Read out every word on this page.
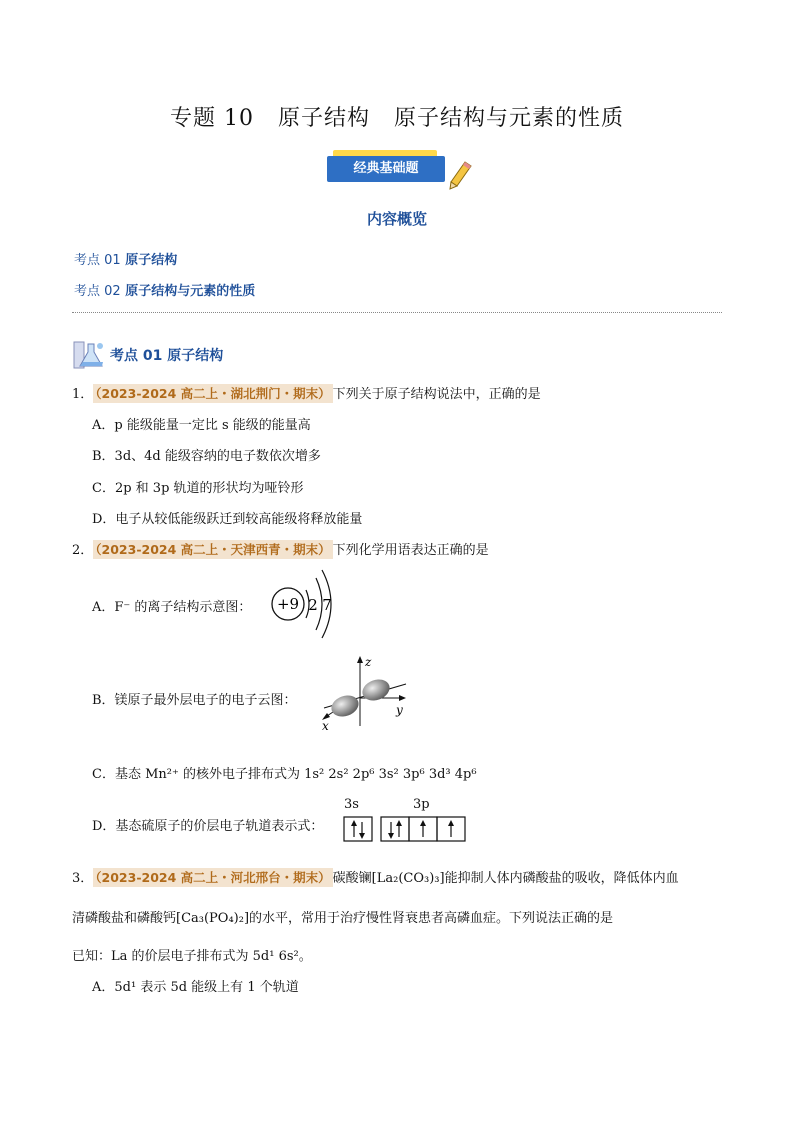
专题 10 原子结构 原子结构与元素的性质
经典基础题
内容概览
考点 01 原子结构
考点 02 原子结构与元素的性质
考点 01 原子结构
1． （2023-2024 高二上・湖北荆门・期末） 下列关于原子结构说法中，正确的是
A．p 能级能量一定比 s 能级的能量高
B．3d、4d 能级容纳的电子数依次增多
C．2p 和 3p 轨道的形状均为哑铃形
D．电子从较低能级跃迁到较高能级将释放能量
2． （2023-2024 高二上・天津西青・期末） 下列化学用语表达正确的是
A．F⁻ 的离子结构示意图： +9 2 7
B．镁原子最外层电子的电子云图：
z
x
y
C．基态 Mn²⁺ 的核外电子排布式为 1s² 2s² 2p⁶ 3s² 3p⁶ 3d³ 4p⁶
D．基态硫原子的价层电子轨道表示式：
3s	3p
3． （2023-2024 高二上・河北邢台・期末） 碳酸镧[La₂(CO₃)₃]能抑制人体内磷酸盐的吸收，降低体内血
清磷酸盐和磷酸钙[Ca₃(PO₄)₂]的水平，常用于治疗慢性肾衰患者高磷血症。下列说法正确的是
已知：La 的价层电子排布式为 5d¹ 6s²。
A．5d¹ 表示 5d 能级上有 1 个轨道
